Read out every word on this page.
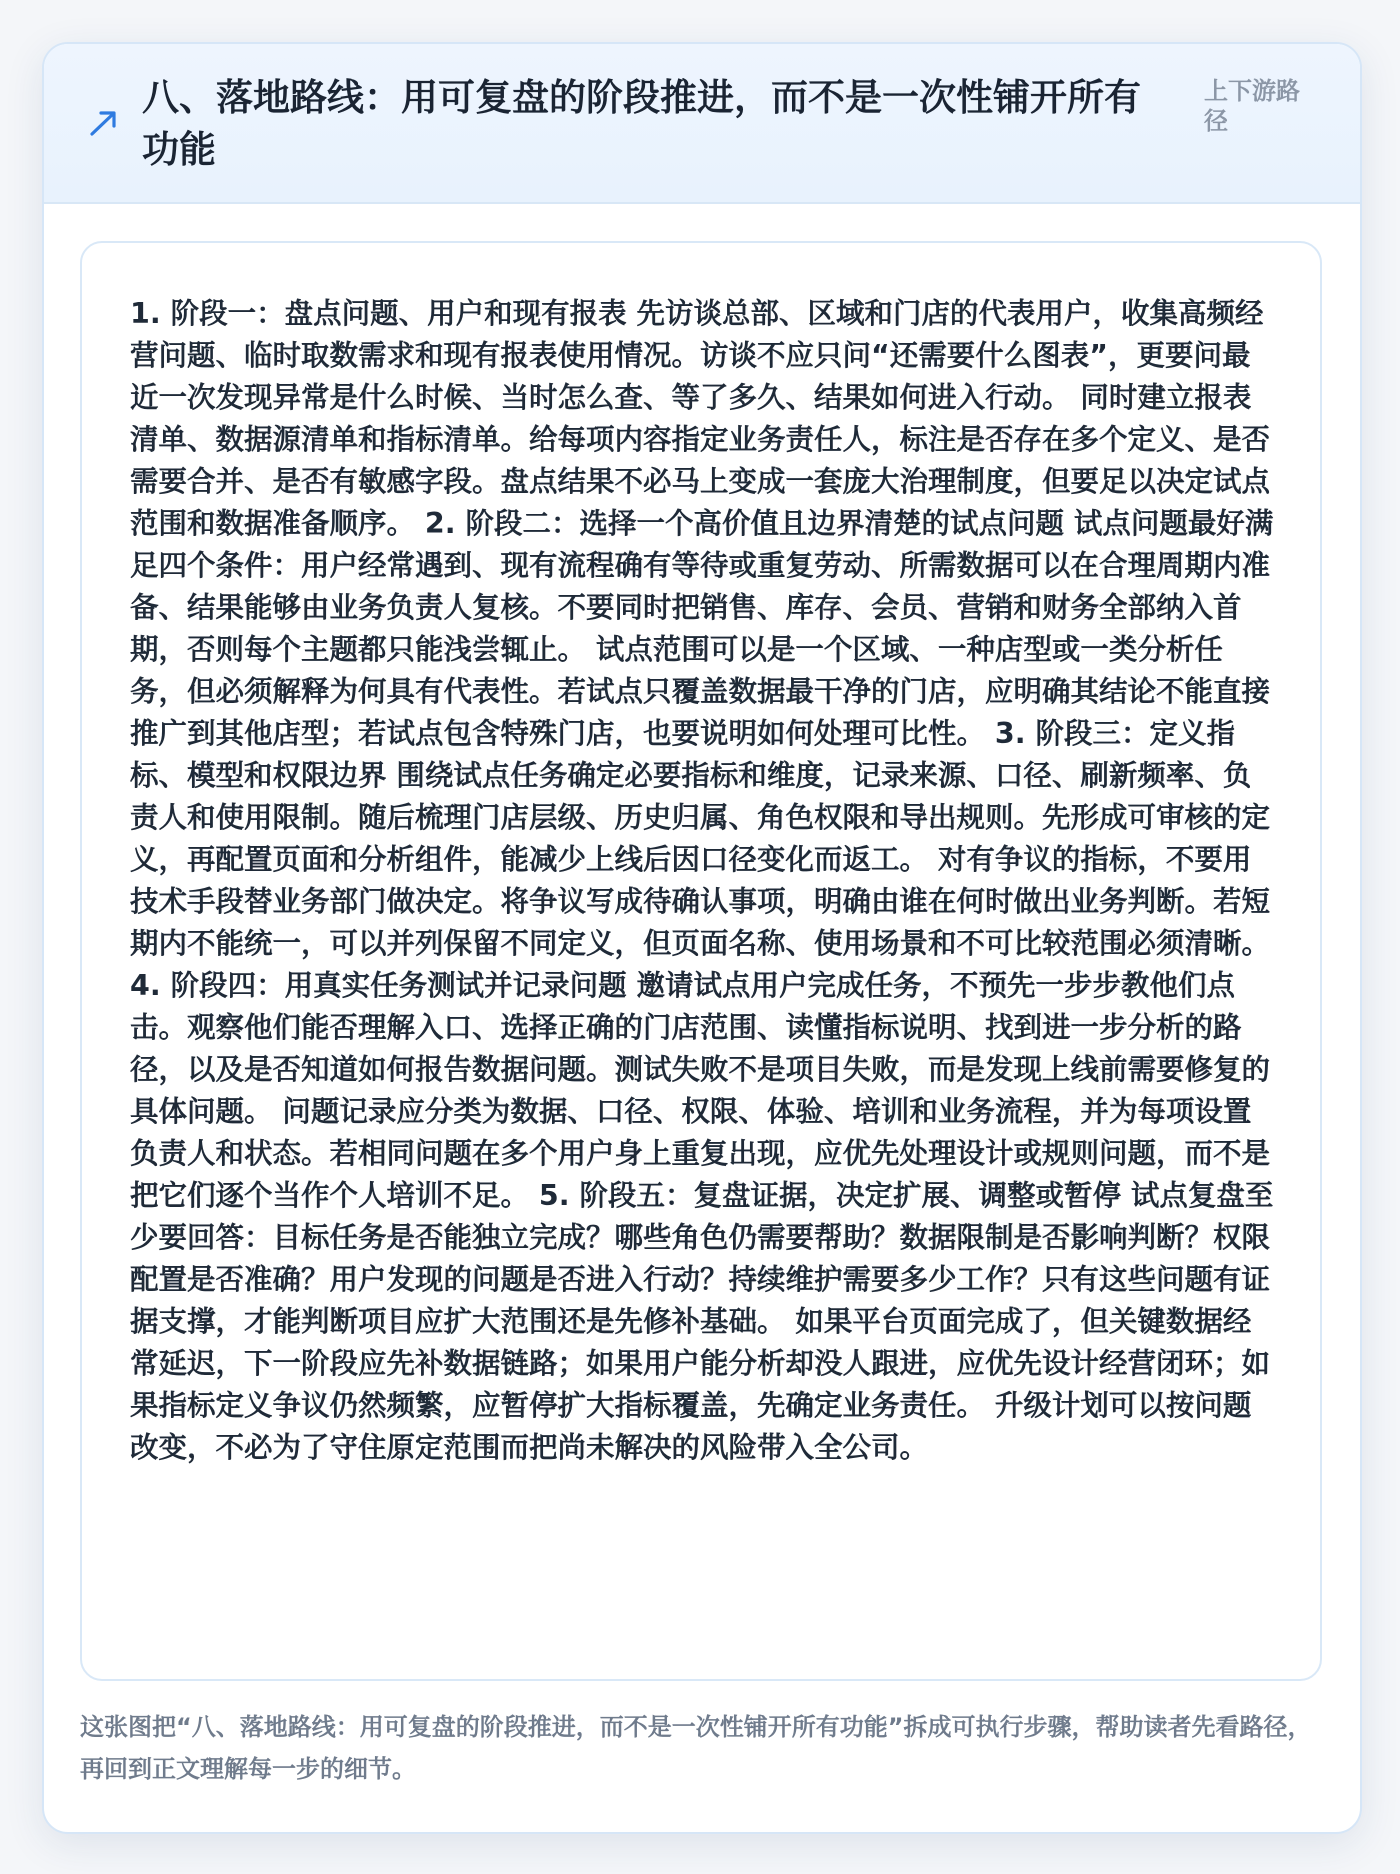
八、落地路线：用可复盘的阶段推进，而不是一次性铺开所有功能
上下游路径

1. 阶段一：盘点问题、用户和现有报表 先访谈总部、区域和门店的代表用户，收集高频经营问题、临时取数需求和现有报表使用情况。访谈不应只问“还需要什么图表”，更要问最近一次发现异常是什么时候、当时怎么查、等了多久、结果如何进入行动。 同时建立报表清单、数据源清单和指标清单。给每项内容指定业务责任人，标注是否存在多个定义、是否需要合并、是否有敏感字段。盘点结果不必马上变成一套庞大治理制度，但要足以决定试点范围和数据准备顺序。 2. 阶段二：选择一个高价值且边界清楚的试点问题 试点问题最好满足四个条件：用户经常遇到、现有流程确有等待或重复劳动、所需数据可以在合理周期内准备、结果能够由业务负责人复核。不要同时把销售、库存、会员、营销和财务全部纳入首期，否则每个主题都只能浅尝辄止。 试点范围可以是一个区域、一种店型或一类分析任务，但必须解释为何具有代表性。若试点只覆盖数据最干净的门店，应明确其结论不能直接推广到其他店型；若试点包含特殊门店，也要说明如何处理可比性。 3. 阶段三：定义指标、模型和权限边界 围绕试点任务确定必要指标和维度，记录来源、口径、刷新频率、负责人和使用限制。随后梳理门店层级、历史归属、角色权限和导出规则。先形成可审核的定义，再配置页面和分析组件，能减少上线后因口径变化而返工。 对有争议的指标，不要用技术手段替业务部门做决定。将争议写成待确认事项，明确由谁在何时做出业务判断。若短期内不能统一，可以并列保留不同定义，但页面名称、使用场景和不可比较范围必须清晰。 4. 阶段四：用真实任务测试并记录问题 邀请试点用户完成任务，不预先一步步教他们点击。观察他们能否理解入口、选择正确的门店范围、读懂指标说明、找到进一步分析的路径，以及是否知道如何报告数据问题。测试失败不是项目失败，而是发现上线前需要修复的具体问题。 问题记录应分类为数据、口径、权限、体验、培训和业务流程，并为每项设置负责人和状态。若相同问题在多个用户身上重复出现，应优先处理设计或规则问题，而不是把它们逐个当作个人培训不足。 5. 阶段五：复盘证据，决定扩展、调整或暂停 试点复盘至少要回答：目标任务是否能独立完成？哪些角色仍需要帮助？数据限制是否影响判断？权限配置是否准确？用户发现的问题是否进入行动？持续维护需要多少工作？只有这些问题有证据支撑，才能判断项目应扩大范围还是先修补基础。 如果平台页面完成了，但关键数据经常延迟，下一阶段应先补数据链路；如果用户能分析却没人跟进，应优先设计经营闭环；如果指标定义争议仍然频繁，应暂停扩大指标覆盖，先确定业务责任。 升级计划可以按问题改变，不必为了守住原定范围而把尚未解决的风险带入全公司。

这张图把“八、落地路线：用可复盘的阶段推进，而不是一次性铺开所有功能”拆成可执行步骤，帮助读者先看路径，再回到正文理解每一步的细节。
